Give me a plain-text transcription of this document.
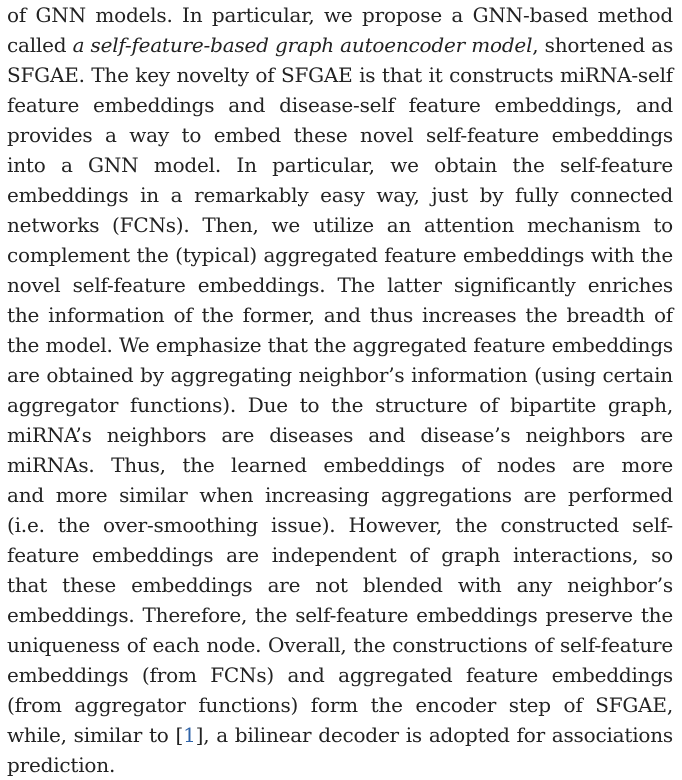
of GNN models. In particular, we propose a GNN-based method
called a self-feature-based graph autoencoder model, shortened as
SFGAE. The key novelty of SFGAE is that it constructs miRNA-self
feature embeddings and disease-self feature embeddings, and
provides a way to embed these novel self-feature embeddings
into a GNN model. In particular, we obtain the self-feature
embeddings in a remarkably easy way, just by fully connected
networks (FCNs). Then, we utilize an attention mechanism to
complement the (typical) aggregated feature embeddings with the
novel self-feature embeddings. The latter significantly enriches
the information of the former, and thus increases the breadth of
the model. We emphasize that the aggregated feature embeddings
are obtained by aggregating neighbor’s information (using certain
aggregator functions). Due to the structure of bipartite graph,
miRNA’s neighbors are diseases and disease’s neighbors are
miRNAs. Thus, the learned embeddings of nodes are more
and more similar when increasing aggregations are performed
(i.e. the over-smoothing issue). However, the constructed self-
feature embeddings are independent of graph interactions, so
that these embeddings are not blended with any neighbor’s
embeddings. Therefore, the self-feature embeddings preserve the
uniqueness of each node. Overall, the constructions of self-feature
embeddings (from FCNs) and aggregated feature embeddings
(from aggregator functions) form the encoder step of SFGAE,
while, similar to [1], a bilinear decoder is adopted for associations
prediction.
